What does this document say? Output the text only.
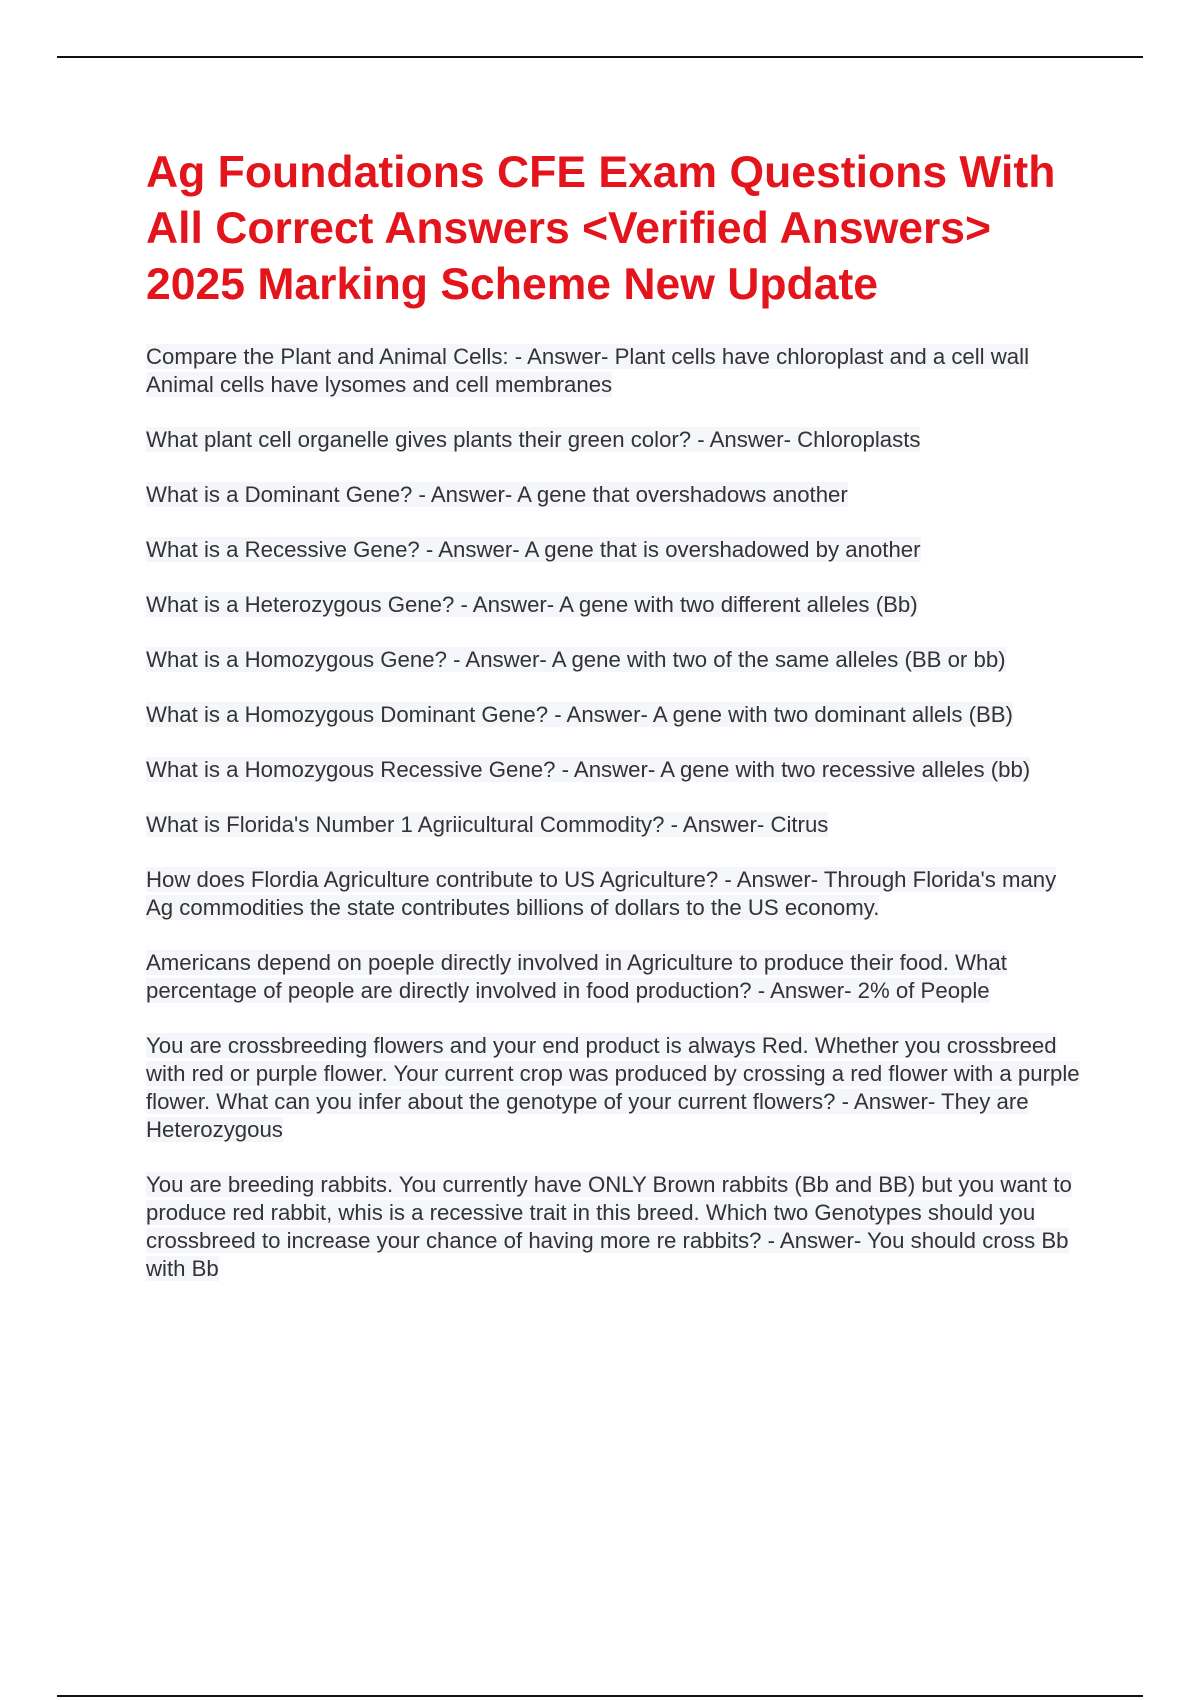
Ag Foundations CFE Exam Questions With All Correct Answers <Verified Answers> 2025 Marking Scheme New Update
Compare the Plant and Animal Cells: - Answer- Plant cells have chloroplast and a cell wall
Animal cells have lysomes and cell membranes
What plant cell organelle gives plants their green color? - Answer- Chloroplasts
What is a Dominant Gene? - Answer- A gene that overshadows another
What is a Recessive Gene? - Answer- A gene that is overshadowed by another
What is a Heterozygous Gene? - Answer- A gene with two different alleles (Bb)
What is a Homozygous Gene? - Answer- A gene with two of the same alleles (BB or bb)
What is a Homozygous Dominant Gene? - Answer- A gene with two dominant allels (BB)
What is a Homozygous Recessive Gene? - Answer- A gene with two recessive alleles (bb)
What is Florida's Number 1 Agriicultural Commodity? - Answer- Citrus
How does Flordia Agriculture contribute to US Agriculture? - Answer- Through Florida's many Ag commodities the state contributes billions of dollars to the US economy.
Americans depend on poeple directly involved in Agriculture to produce their food. What percentage of people are directly involved in food production? - Answer- 2% of People
You are crossbreeding flowers and your end product is always Red. Whether you crossbreed with red or purple flower. Your current crop was produced by crossing a red flower with a purple flower. What can you infer about the genotype of your current flowers? - Answer- They are Heterozygous
You are breeding rabbits. You currently have ONLY Brown rabbits (Bb and BB) but you want to produce red rabbit, whis is a recessive trait in this breed. Which two Genotypes should you crossbreed to increase your chance of having more re rabbits? - Answer- You should cross Bb with Bb
